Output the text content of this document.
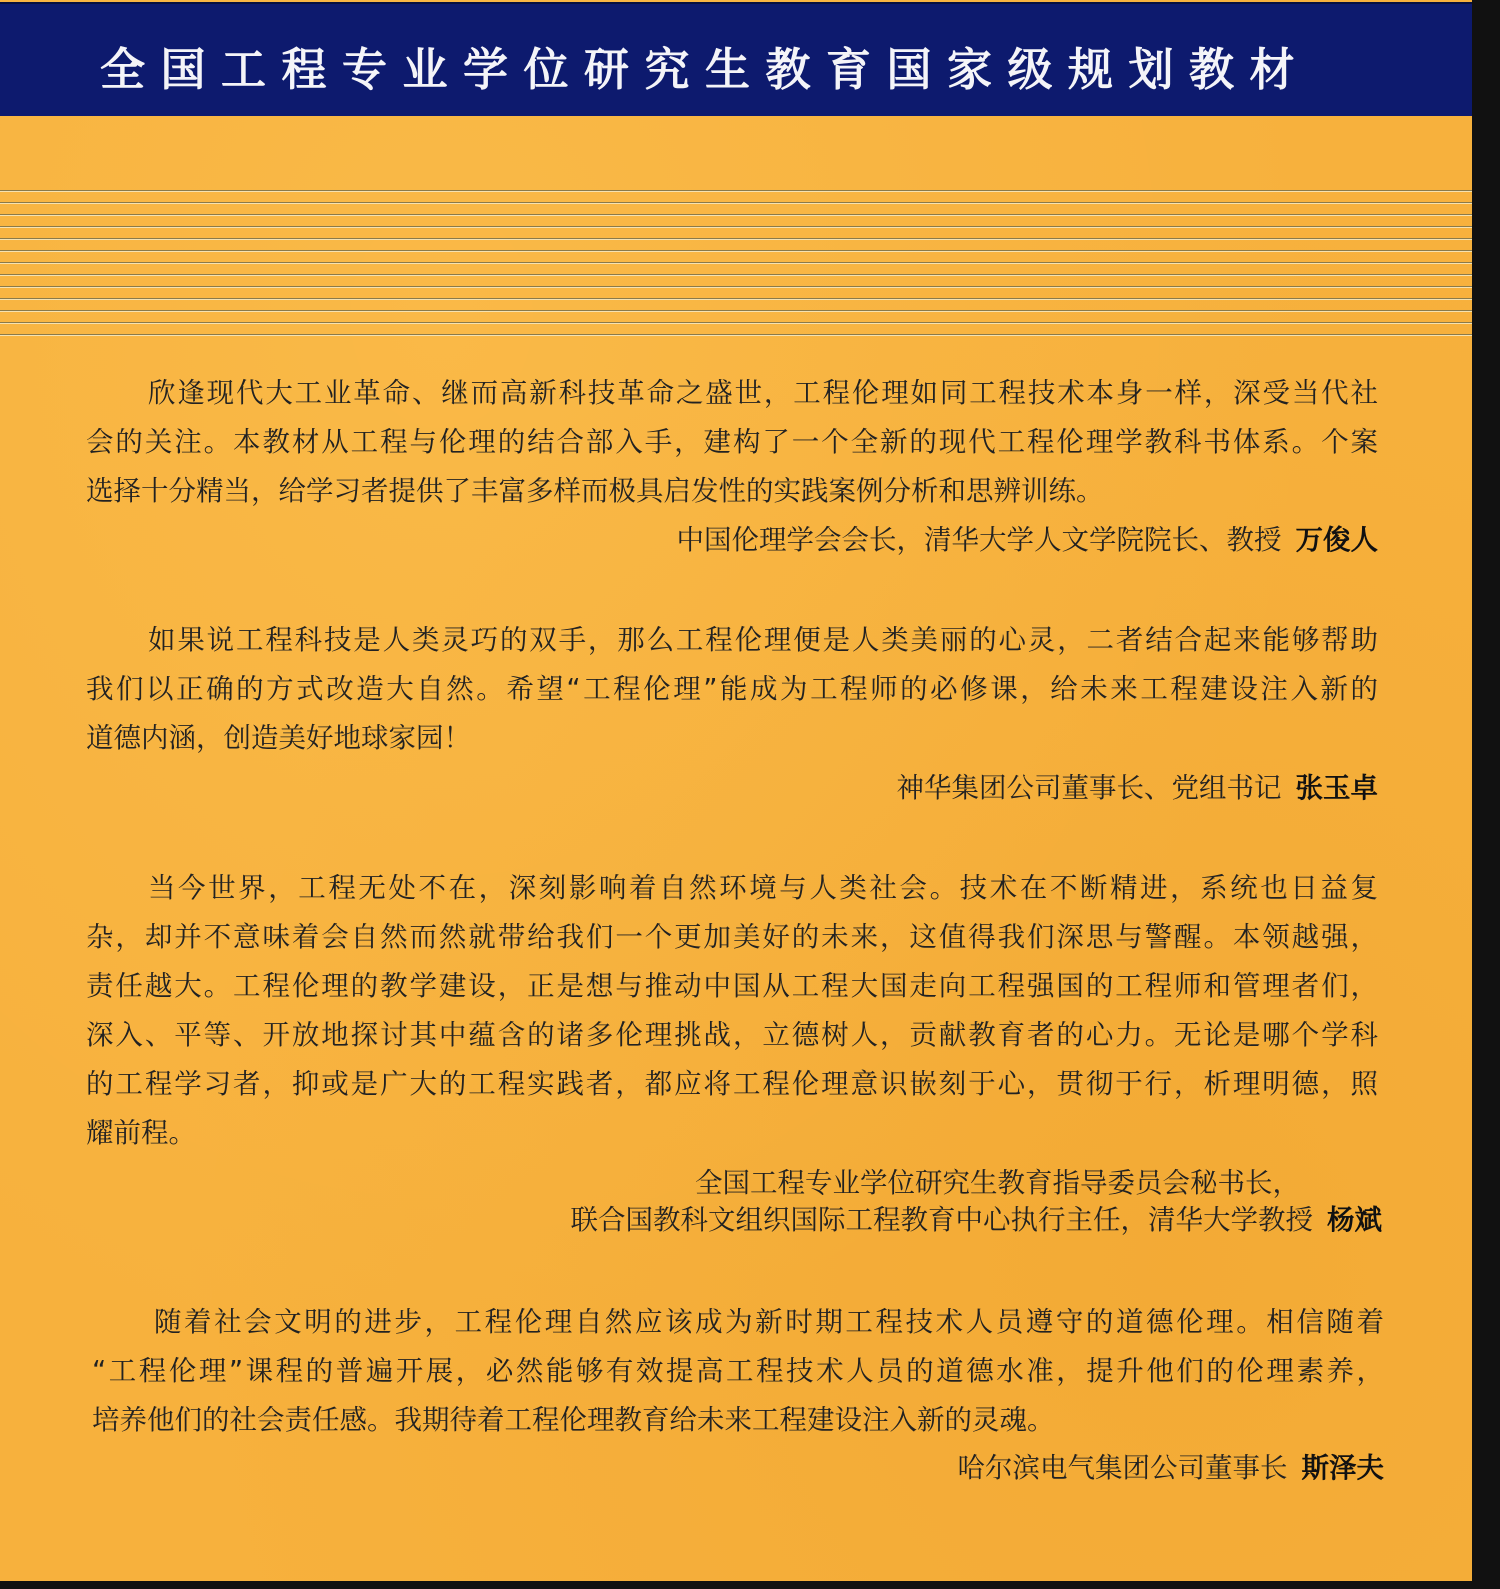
全国工程专业学位研究生教育国家级规划教材
欣逢现代大工业革命、继而高新科技革命之盛世，工程伦理如同工程技术本身一样，深受当代社
会的关注。本教材从工程与伦理的结合部入手，建构了一个全新的现代工程伦理学教科书体系。个案
选择十分精当，给学习者提供了丰富多样而极具启发性的实践案例分析和思辨训练。
中国伦理学会会长，清华大学人文学院院长、教授 万俊人
如果说工程科技是人类灵巧的双手，那么工程伦理便是人类美丽的心灵，二者结合起来能够帮助
我们以正确的方式改造大自然。希望“工程伦理”能成为工程师的必修课，给未来工程建设注入新的
道德内涵，创造美好地球家园！
神华集团公司董事长、党组书记 张玉卓
当今世界，工程无处不在，深刻影响着自然环境与人类社会。技术在不断精进，系统也日益复
杂，却并不意味着会自然而然就带给我们一个更加美好的未来，这值得我们深思与警醒。本领越强，
责任越大。工程伦理的教学建设，正是想与推动中国从工程大国走向工程强国的工程师和管理者们，
深入、平等、开放地探讨其中蕴含的诸多伦理挑战，立德树人，贡献教育者的心力。无论是哪个学科
的工程学习者，抑或是广大的工程实践者，都应将工程伦理意识嵌刻于心，贯彻于行，析理明德，照
耀前程。
全国工程专业学位研究生教育指导委员会秘书长，
联合国教科文组织国际工程教育中心执行主任，清华大学教授 杨斌
随着社会文明的进步，工程伦理自然应该成为新时期工程技术人员遵守的道德伦理。相信随着
“工程伦理”课程的普遍开展，必然能够有效提高工程技术人员的道德水准，提升他们的伦理素养，
培养他们的社会责任感。我期待着工程伦理教育给未来工程建设注入新的灵魂。
哈尔滨电气集团公司董事长 斯泽夫
